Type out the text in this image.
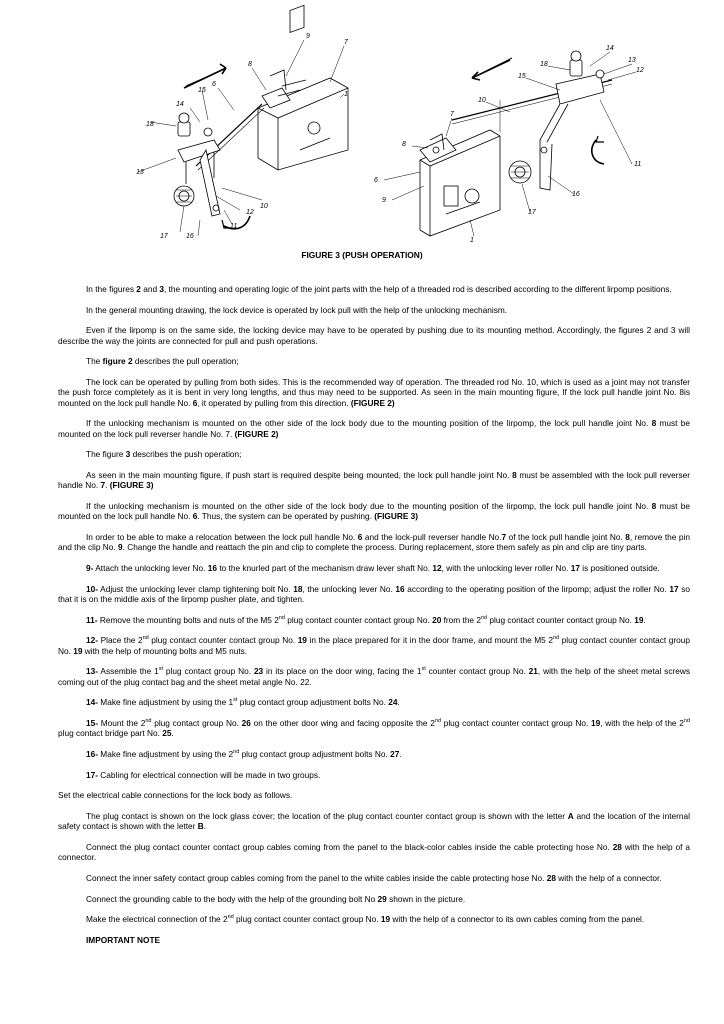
9
7
8
6
1
15
14
18
13
12
10
11
17	16
14
18
13
12
15
10
7
8
6
9
11
16
17
1
FIGURE 3 (PUSH OPERATION)

In the figures 2 and 3, the mounting and operating logic of the joint parts with the help of a threaded rod is described according to the different lirpomp positions.

In the general mounting drawing, the lock device is operated by lock pull with the help of the unlocking mechanism.

Even if the lirpomp is on the same side, the locking device may have to be operated by pushing due to its mounting method. Accordingly, the figures 2 and 3 will describe the way the joints are connected for pull and push operations.

The figure 2 describes the pull operation;

The lock can be operated by pulling from both sides. This is the recommended way of operation. The threaded rod No. 10, which is used as a joint may not transfer the push force completely as it is bent in very long lengths, and thus may need to be supported. As seen in the main mounting figure, If the lock pull handle joint No. 8is mounted on the lock pull handle No. 6, it operated by pulling from this direction. (FIGURE 2)

If the unlocking mechanism is mounted on the other side of the lock body due to the mounting position of the lirpomp, the lock pull handle joint No. 8 must be mounted on the lock pull reverser handle No. 7. (FIGURE 2)

The figure 3 describes the push operation;

As seen in the main mounting figure, if push start is required despite being mounted, the lock pull handle joint No. 8 must be assembled with the lock pull reverser handle No. 7. (FIGURE 3)

If the unlocking mechanism is mounted on the other side of the lock body due to the mounting position of the lirpomp, the lock pull handle joint No. 8 must be mounted on the lock pull handle No. 6. Thus, the system can be operated by pushing. (FIGURE 3)

In order to be able to make a relocation between the lock pull handle No. 6 and the lock-pull reverser handle No.7 of the lock pull handle joint No. 8, remove the pin and the clip No. 9. Change the handle and reattach the pin and clip to complete the process. During replacement, store them safely as pin and clip are tiny parts.

9- Attach the unlocking lever No. 16 to the knurled part of the mechanism draw lever shaft No. 12, with the unlocking lever roller No. 17 is positioned outside.

10- Adjust the unlocking lever clamp tightening bolt No. 18, the unlocking lever No. 16 according to the operating position of the lirpomp; adjust the roller No. 17 so that it is on the middle axis of the lirpomp pusher plate, and tighten.

11- Remove the mounting bolts and nuts of the M5 2nd plug contact counter contact group No. 20 from the 2nd plug contact counter contact group No. 19.

12- Place the 2nd plug contact counter contact group No. 19 in the place prepared for it in the door frame, and mount the M5 2nd plug contact counter contact group No. 19 with the help of mounting bolts and M5 nuts.

13- Assemble the 1st plug contact group No. 23 in its place on the door wing, facing the 1st counter contact group No. 21, with the help of the sheet metal screws coming out of the plug contact bag and the sheet metal angle No. 22.

14- Make fine adjustment by using the 1st plug contact group adjustment bolts No. 24.

15- Mount the 2nd plug contact group No. 26 on the other door wing and facing opposite the 2nd plug contact counter contact group No. 19, with the help of the 2nd plug contact bridge part No. 25.

16- Make fine adjustment by using the 2nd plug contact group adjustment bolts No. 27.

17- Cabling for electrical connection will be made in two groups.

Set the electrical cable connections for the lock body as follows.

The plug contact is shown on the lock glass cover; the location of the plug contact counter contact group is shown with the letter A and the location of the internal safety contact is shown with the letter B.

Connect the plug contact counter contact group cables coming from the panel to the black-color cables inside the cable protecting hose No. 28 with the help of a connector.

Connect the inner safety contact group cables coming from the panel to the white cables inside the cable protecting hose No. 28 with the help of a connector.

Connect the grounding cable to the body with the help of the grounding bolt No 29 shown in the picture.

Make the electrical connection of the 2nd plug contact counter contact group No. 19 with the help of a connector to its own cables coming from the panel.

IMPORTANT NOTE
